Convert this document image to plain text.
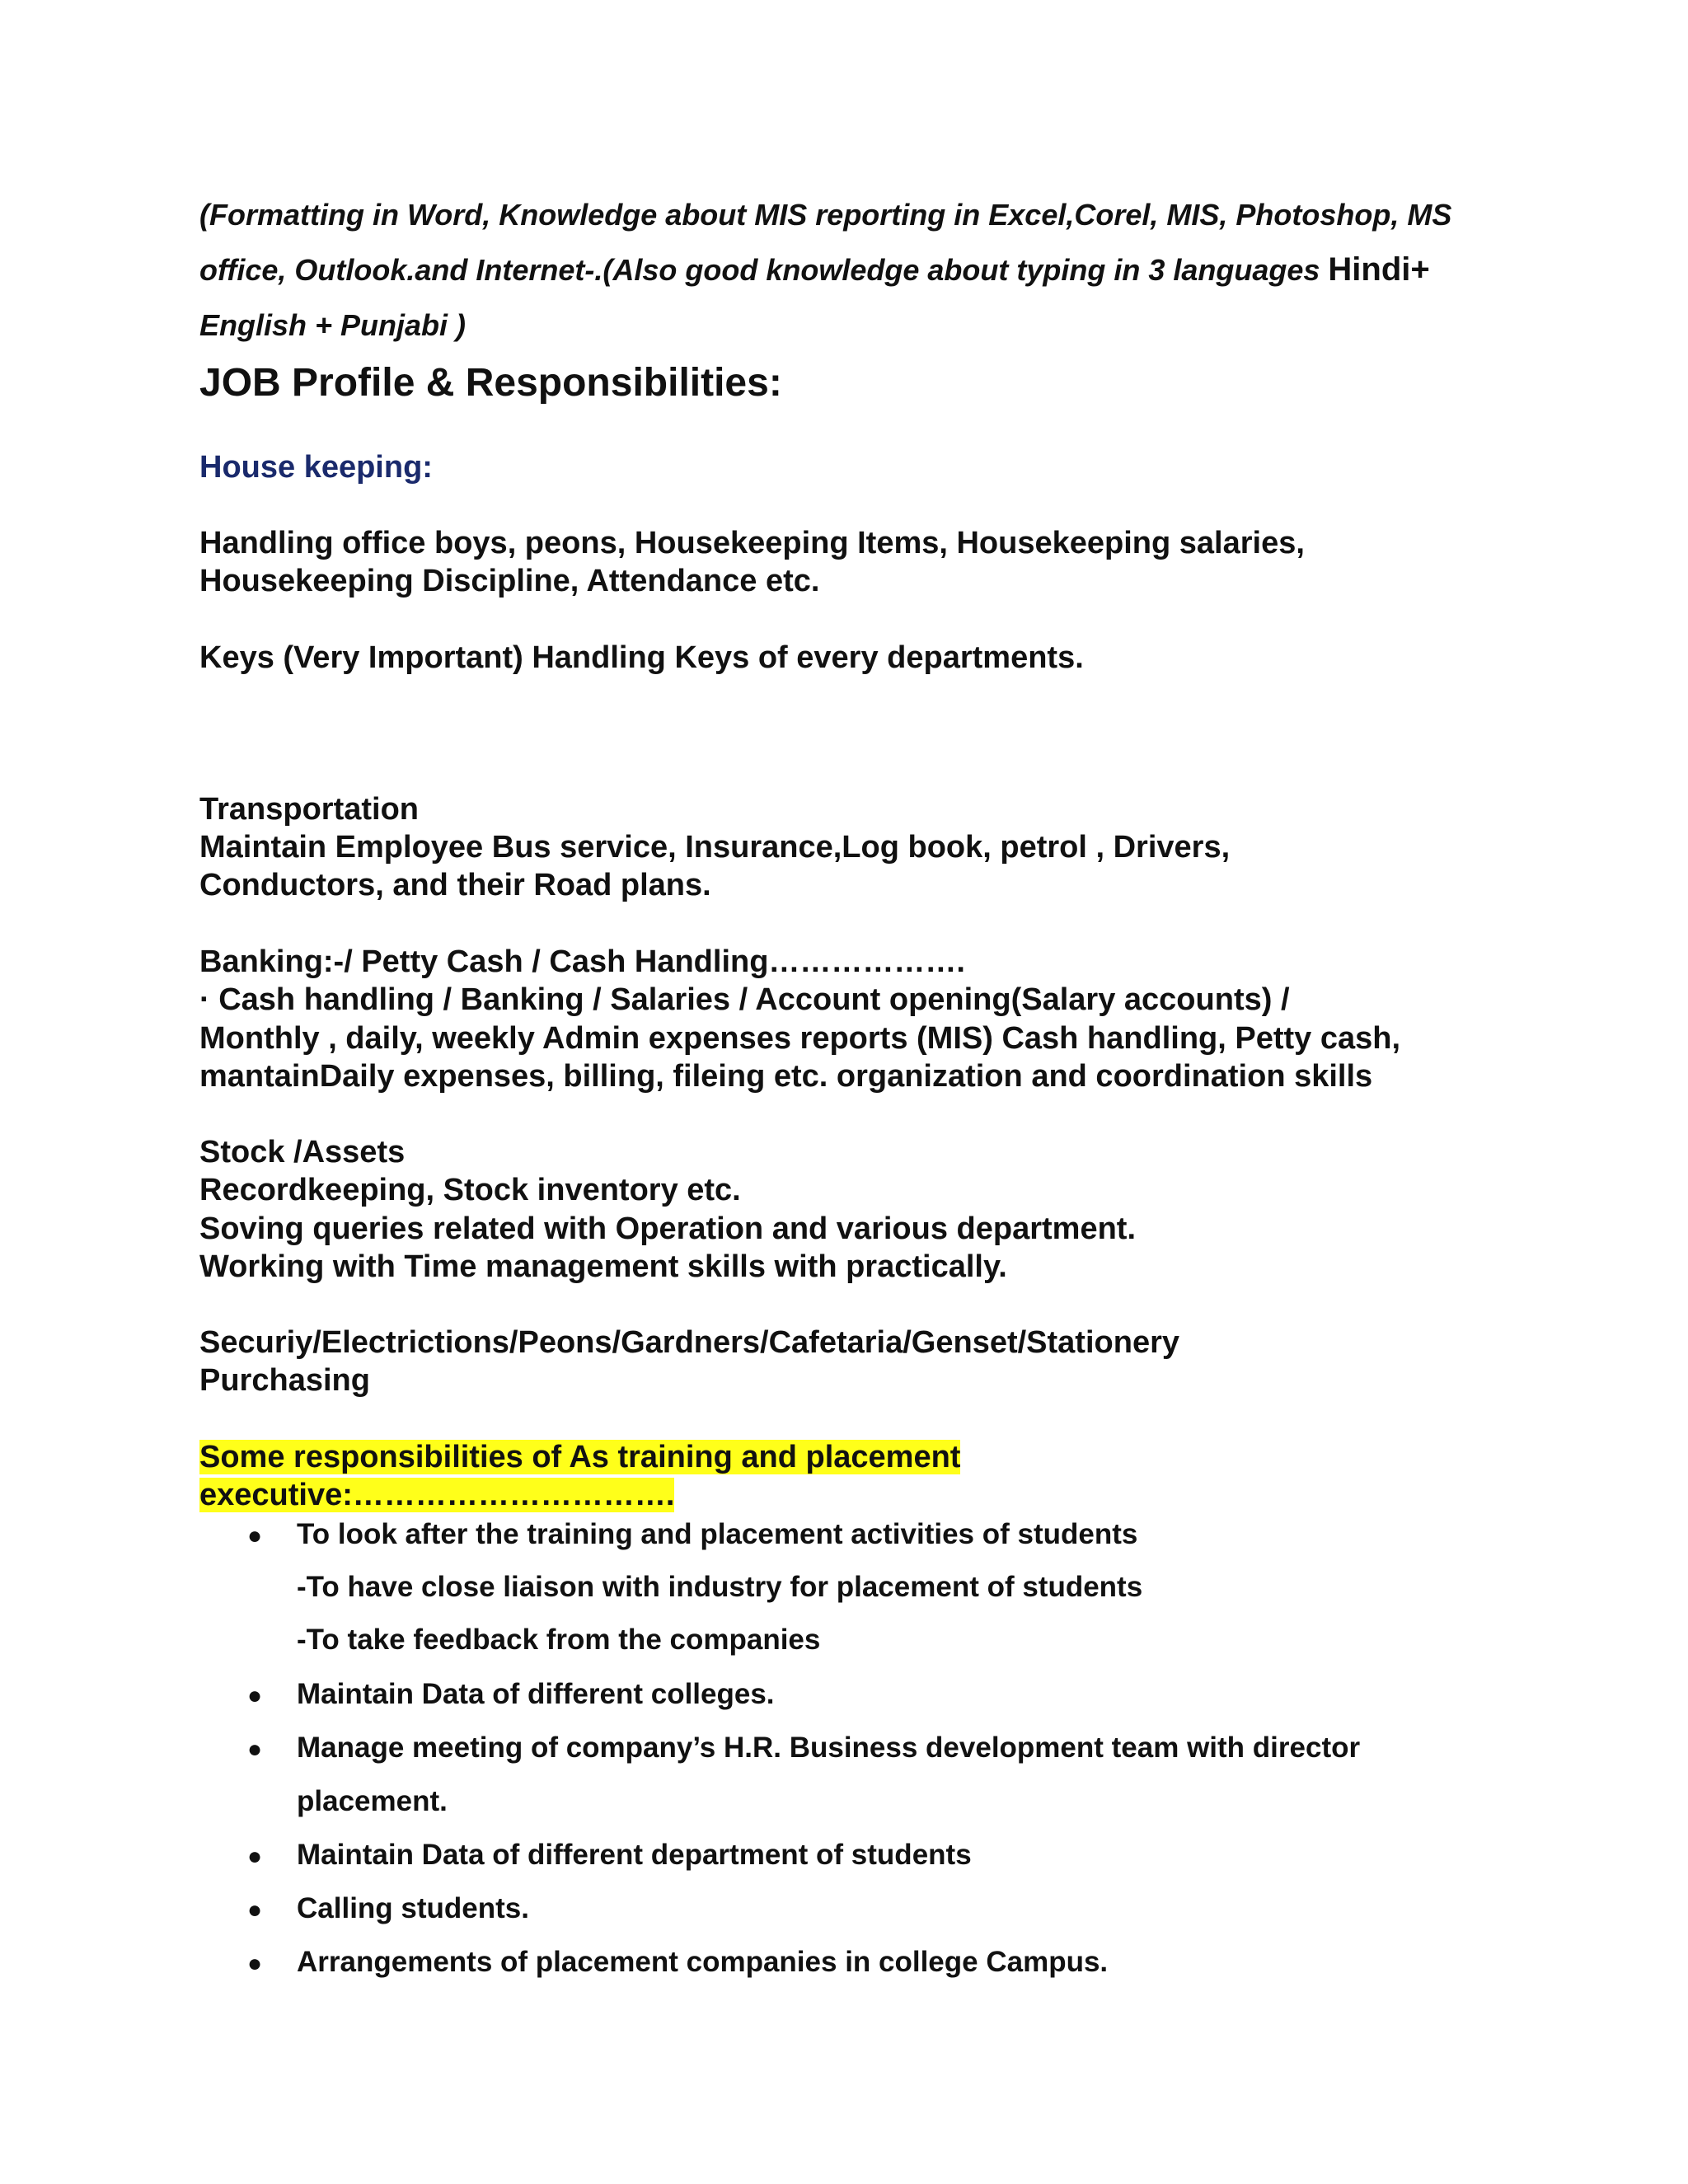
(Formatting in Word, Knowledge about MIS reporting in Excel,Corel, MIS, Photoshop, MS
office, Outlook.and Internet-.(Also good knowledge about typing in 3 languages Hindi+
English + Punjabi )
JOB Profile & Responsibilities:
House keeping:
Handling office boys, peons, Housekeeping Items, Housekeeping salaries,
Housekeeping Discipline, Attendance etc.
Keys (Very Important) Handling Keys of every departments.
Transportation
Maintain Employee Bus service, Insurance,Log book, petrol , Drivers,
Conductors, and their Road plans.
Banking:-/ Petty Cash / Cash Handling……………….
· Cash handling / Banking / Salaries / Account opening(Salary accounts) /
Monthly , daily, weekly Admin expenses reports (MIS) Cash handling, Petty cash,
mantainDaily expenses, billing, fileing etc. organization and coordination skills
Stock /Assets
Recordkeeping, Stock inventory etc.
Soving queries related with Operation and various department.
Working with Time management skills with practically.
Securiy/Electrictions/Peons/Gardners/Cafetaria/Genset/Stationery
Purchasing
Some responsibilities of As training and placement
executive:………………………….
● To look after the training and placement activities of students
-To have close liaison with industry for placement of students
-To take feedback from the companies
● Maintain Data of different colleges.
● Manage meeting of company’s H.R. Business development team with director
placement.
● Maintain Data of different department of students
● Calling students.
● Arrangements of placement companies in college Campus.
